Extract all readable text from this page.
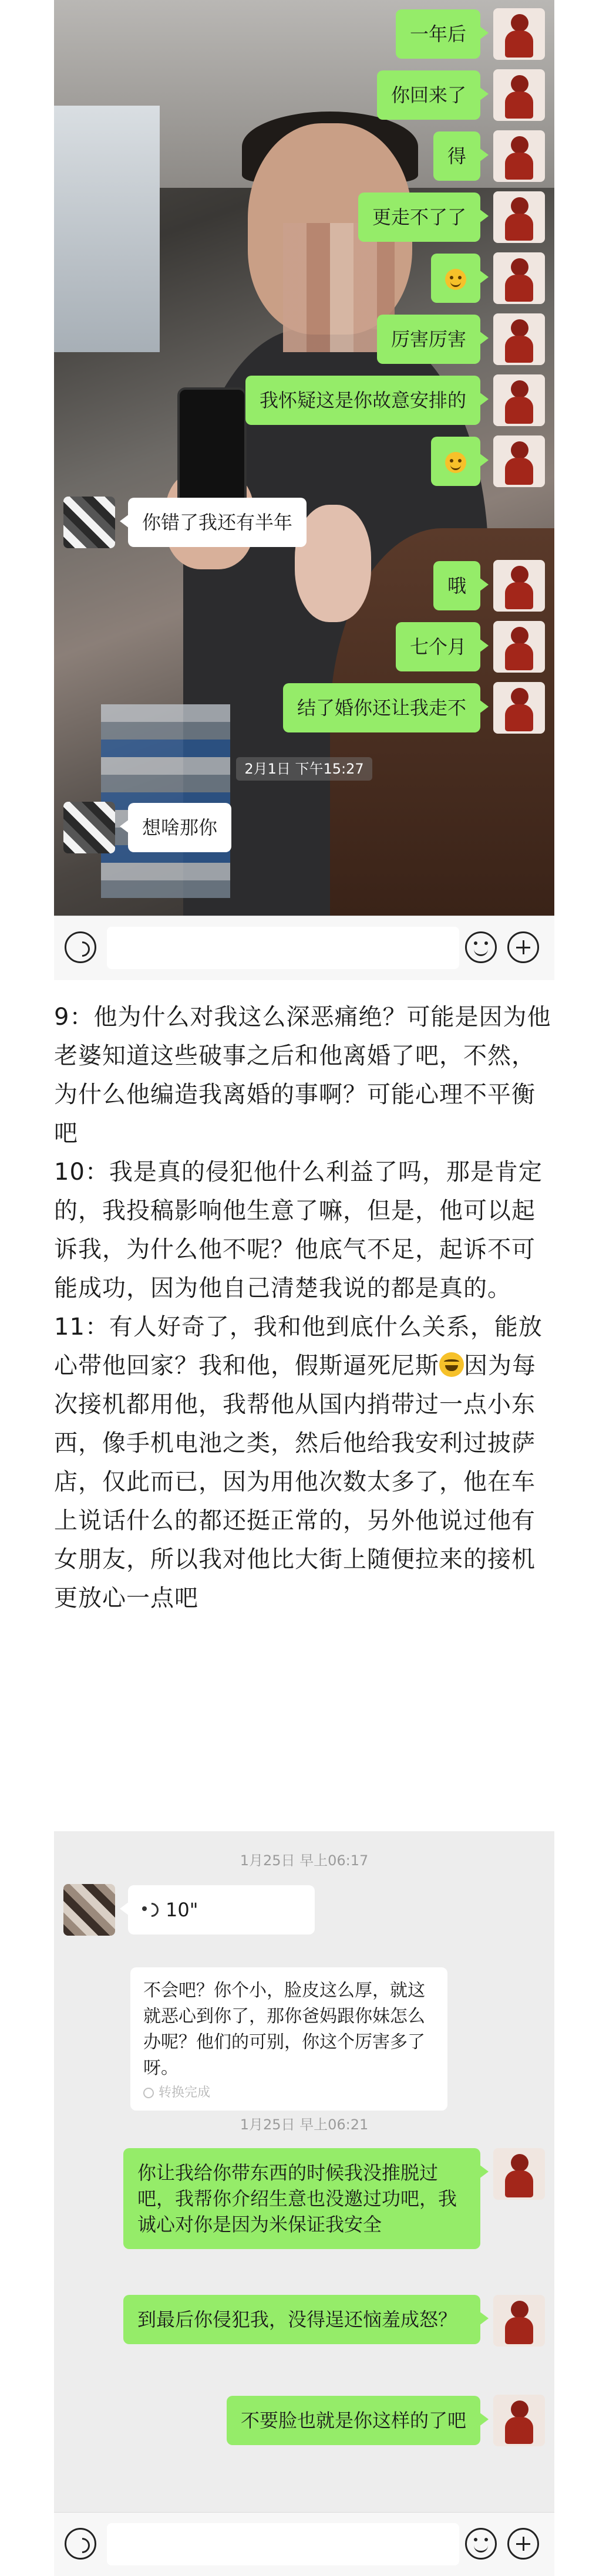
一年后
你回来了
得
更走不了了
厉害厉害
我怀疑这是你故意安排的
你错了我还有半年
哦
七个月
结了婚你还让我走不
2月1日 下午15:27
想啥那你

9：他为什么对我这么深恶痛绝？可能是因为他老婆知道这些破事之后和他离婚了吧，不然，为什么他编造我离婚的事啊？可能心理不平衡吧

10：我是真的侵犯他什么利益了吗，那是肯定的，我投稿影响他生意了嘛，但是，他可以起诉我，为什么他不呢？他底气不足，起诉不可能成功，因为他自己清楚我说的都是真的。

11：有人好奇了，我和他到底什么关系，能放心带他回家？我和他，假斯逼死尼斯 因为每次接机都用他，我帮他从国内捎带过一点小东西，像手机电池之类，然后他给我安利过披萨店，仅此而已，因为用他次数太多了，他在车上说话什么的都还挺正常的，另外他说过他有女朋友，所以我对他比大街上随便拉来的接机更放心一点吧

1月25日 早上06:17
10"
不会吧？你个小，脸皮这么厚，就这就恶心到你了，那你爸妈跟你妹怎么办呢？他们的可别，你这个厉害多了呀。
转换完成
1月25日 早上06:21
你让我给你带东西的时候我没推脱过吧，我帮你介绍生意也没邀过功吧，我诚心对你是因为米保证我安全
到最后你侵犯我，没得逞还恼羞成怒？
不要脸也就是你这样的了吧
